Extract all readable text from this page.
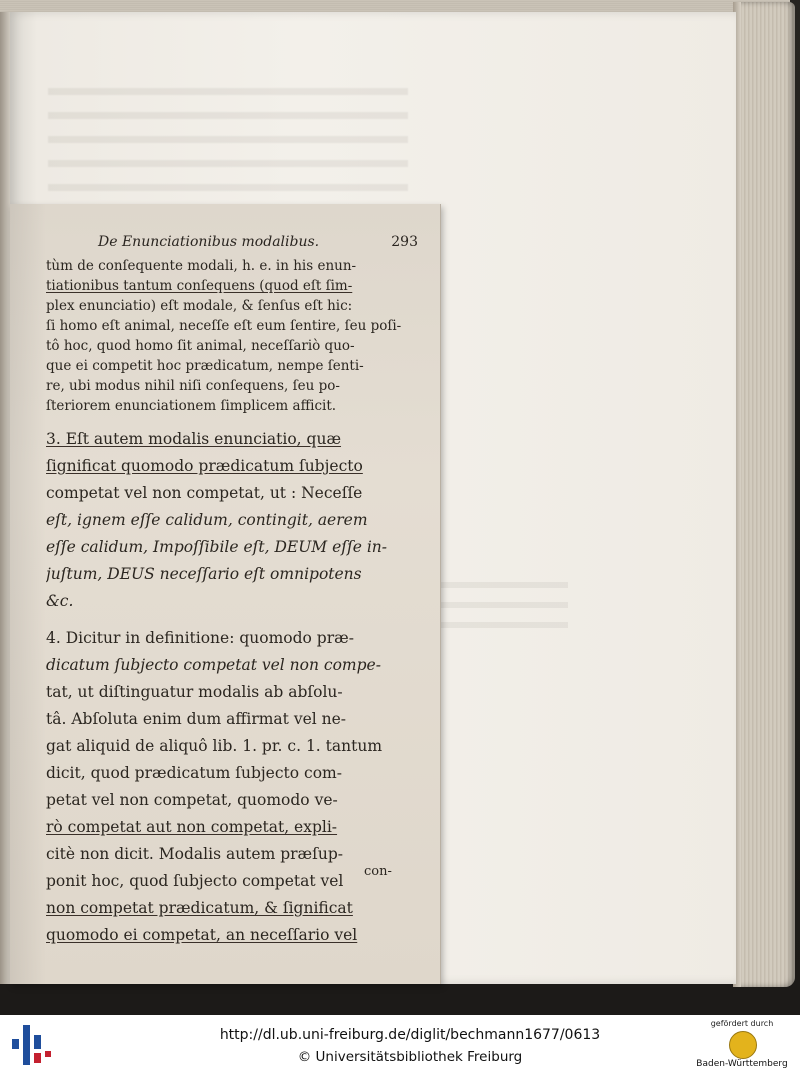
De Enunciationibus modalibus.	293
tùm de conſequente modali, h. e. in his enun-
tiationibus tantum conſequens (quod eſt ſim-
plex enunciatio) eſt modale, & ſenſus eſt hic:
ſi homo eſt animal, neceſſe eſt eum ſentire, ſeu poſi-
tô hoc, quod homo ſit animal, neceſſariò quo-
que ei competit hoc prædicatum, nempe ſenti-
re, ubi modus nihil niſi conſequens, ſeu po-
ſteriorem enunciationem ſimplicem afficit.
3. Eſt autem modalis enunciatio, quæ
ſignificat quomodo prædicatum ſubjecto
competat vel non competat, ut : Neceſſe
eſt, ignem eſſe calidum, contingit, aerem
eſſe calidum, Impoſſibile eſt, DEUM eſſe in-
juſtum, DEUS neceſſario eſt omnipotens
&c.
4. Dicitur in definitione: quomodo præ-
dicatum ſubjecto competat vel non compe-
tat, ut diſtinguatur modalis ab abſolu-
tâ. Abſoluta enim dum affirmat vel ne-
gat aliquid de aliquô lib. 1. pr. c. 1. tantum
dicit, quod prædicatum ſubjecto com-
petat vel non competat, quomodo ve-
rò competat aut non competat, expli-
citè non dicit. Modalis autem præſup-
ponit hoc, quod ſubjecto competat vel
non competat prædicatum, & ſignificat
quomodo ei competat, an neceſſario vel
con-
http://dl.ub.uni-freiburg.de/diglit/bechmann1677/0613
© Universitätsbibliothek Freiburg
gefördert durch
Baden-Württemberg
